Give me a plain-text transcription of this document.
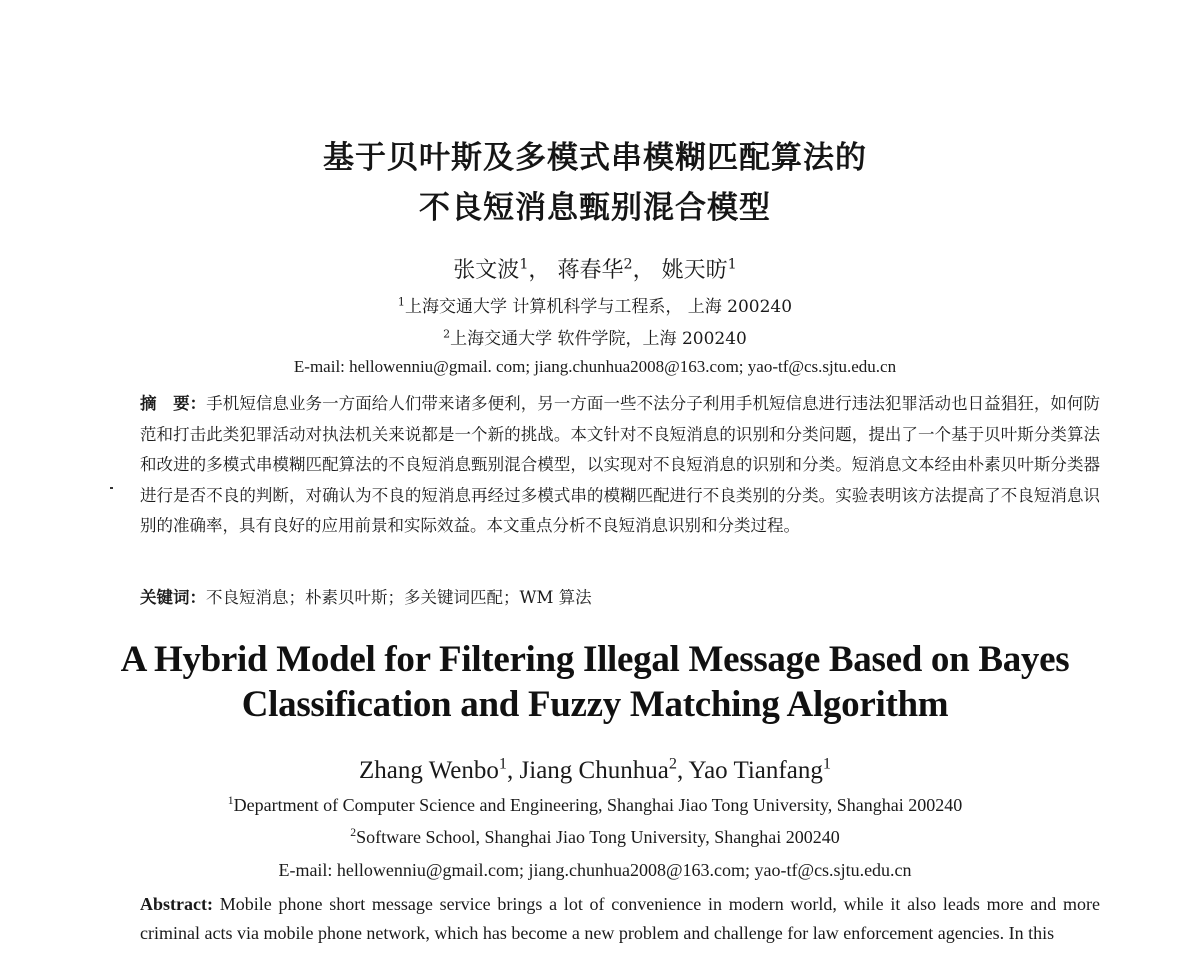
基于贝叶斯及多模式串模糊匹配算法的
不良短消息甄别混合模型
张文波$^1$， 蒋春华$^2$， 姚天昉$^1$
$^1$上海交通大学 计算机科学与工程系， 上海 200240
$^2$上海交通大学 软件学院，上海 200240
E-mail: hellowenniu@gmail. com; jiang.chunhua2008@163.com; yao-tf@cs.sjtu.edu.cn
摘　要：手机短信息业务一方面给人们带来诸多便利，另一方面一些不法分子利用手机短信息进行违法犯罪活动也日益猖狂，如何防范和打击此类犯罪活动对执法机关来说都是一个新的挑战。本文针对不良短消息的识别和分类问题，提出了一个基于贝叶斯分类算法和改进的多模式串模糊匹配算法的不良短消息甄别混合模型，以实现对不良短消息的识别和分类。短消息文本经由朴素贝叶斯分类器进行是否不良的判断，对确认为不良的短消息再经过多模式串的模糊匹配进行不良类别的分类。实验表明该方法提高了不良短消息识别的准确率，具有良好的应用前景和实际效益。本文重点分析不良短消息识别和分类过程。
关键词：不良短消息；朴素贝叶斯；多关键词匹配；WM 算法
A Hybrid Model for Filtering Illegal Message Based on Bayes
Classification and Fuzzy Matching Algorithm
Zhang Wenbo$^1$, Jiang Chunhua$^2$, Yao Tianfang$^1$
$^1$Department of Computer Science and Engineering, Shanghai Jiao Tong University, Shanghai 200240
$^2$Software School, Shanghai Jiao Tong University, Shanghai 200240
E-mail: hellowenniu@gmail.com; jiang.chunhua2008@163.com; yao-tf@cs.sjtu.edu.cn
Abstract: Mobile phone short message service brings a lot of convenience in modern world, while it also leads more and more criminal acts via mobile phone network, which has become a new problem and challenge for law enforcement agencies. In this
